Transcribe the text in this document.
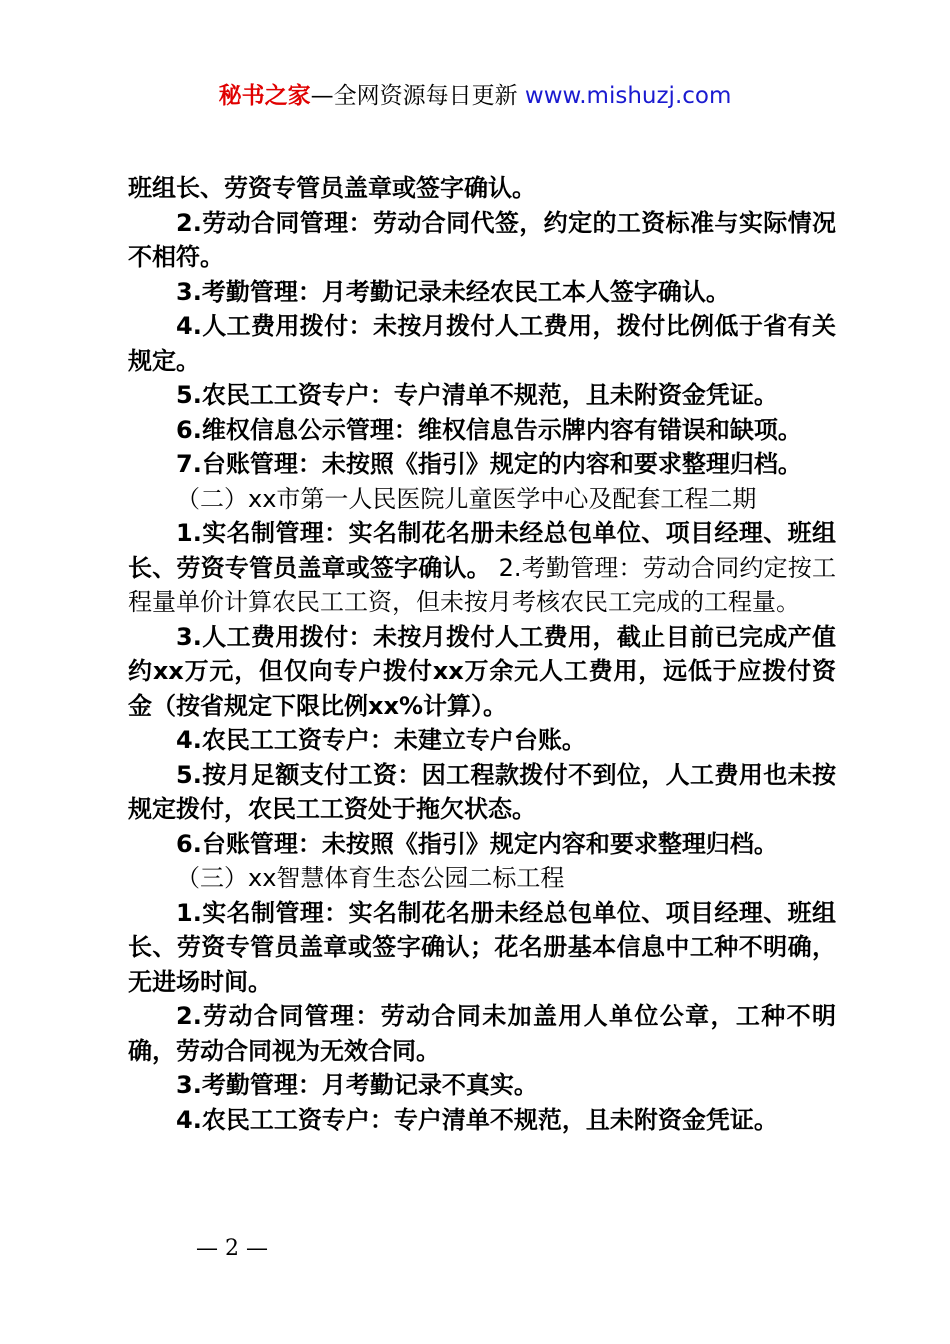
秘书之家—全网资源每日更新 www.mishuzj.com

班组长、劳资专管员盖章或签字确认。

2.劳动合同管理：劳动合同代签，约定的工资标准与实际情况不相符。

3.考勤管理：月考勤记录未经农民工本人签字确认。

4.人工费用拨付：未按月拨付人工费用，拨付比例低于省有关规定。

5.农民工工资专户：专户清单不规范，且未附资金凭证。

6.维权信息公示管理：维权信息告示牌内容有错误和缺项。

7.台账管理：未按照《指引》规定的内容和要求整理归档。

（二）xx市第一人民医院儿童医学中心及配套工程二期

1.实名制管理：实名制花名册未经总包单位、项目经理、班组长、劳资专管员盖章或签字确认。 2.考勤管理：劳动合同约定按工程量单价计算农民工工资，但未按月考核农民工完成的工程量。

3.人工费用拨付：未按月拨付人工费用，截止目前已完成产值约xx万元，但仅向专户拨付xx万余元人工费用，远低于应拨付资金（按省规定下限比例xx%计算）。

4.农民工工资专户：未建立专户台账。

5.按月足额支付工资：因工程款拨付不到位，人工费用也未按规定拨付，农民工工资处于拖欠状态。

6.台账管理：未按照《指引》规定内容和要求整理归档。

（三）xx智慧体育生态公园二标工程

1.实名制管理：实名制花名册未经总包单位、项目经理、班组长、劳资专管员盖章或签字确认；花名册基本信息中工种不明确，无进场时间。

2.劳动合同管理：劳动合同未加盖用人单位公章，工种不明确，劳动合同视为无效合同。

3.考勤管理：月考勤记录不真实。

4.农民工工资专户：专户清单不规范，且未附资金凭证。

— 2 —
